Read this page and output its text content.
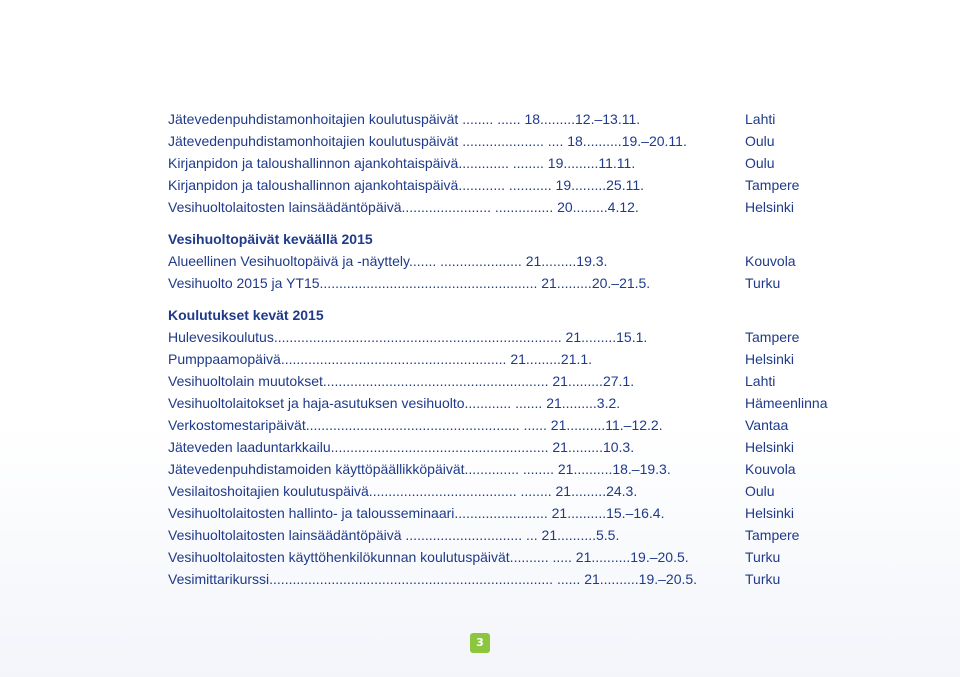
Jätevedenpuhdistamonhoitajien koulutuspäivät ........ ...... 18.........12.–13.11.	Lahti
Jätevedenpuhdistamonhoitajien koulutuspäivät ..................... .... 18..........19.–20.11.	Oulu
Kirjanpidon ja taloushallinnon ajankohtaispäivä............. ........ 19.........11.11.	Oulu
Kirjanpidon ja taloushallinnon ajankohtaispäivä............ ........... 19.........25.11.	Tampere
Vesihuoltolaitosten lainsäädäntöpäivä....................... ............... 20.........4.12.	Helsinki
Vesihuoltopäivät keväällä 2015
Alueellinen Vesihuoltopäivä ja -näyttely....... ..................... 21.........19.3.	Kouvola
Vesihuolto 2015 ja YT15........................................................ 21.........20.–21.5.	Turku
Koulutukset kevät 2015
Hulevesikoulutus.......................................................................... 21.........15.1.	Tampere
Pumppaamopäivä.......................................................... 21.........21.1.	Helsinki
Vesihuoltolain muutokset.......................................................... 21.........27.1.	Lahti
Vesihuoltolaitokset ja haja-asutuksen vesihuolto............ ....... 21.........3.2.	Hämeenlinna
Verkostomestaripäivät....................................................... ...... 21..........11.–12.2.	Vantaa
Jäteveden laaduntarkkailu........................................................ 21.........10.3.	Helsinki
Jätevedenpuhdistamoiden käyttöpäällikköpäivät.............. ........ 21..........18.–19.3.	Kouvola
Vesilaitoshoitajien koulutuspäivä...................................... ........ 21.........24.3.	Oulu
Vesihuoltolaitosten hallinto- ja talousseminaari........................ 21..........15.–16.4.	Helsinki
Vesihuoltolaitosten lainsäädäntöpäivä .............................. ... 21..........5.5.	Tampere
Vesihuoltolaitosten käyttöhenkilökunnan koulutuspäivät.......... ..... 21..........19.–20.5.	Turku
Vesimittarikurssi......................................................................... ...... 21..........19.–20.5.	Turku
3
